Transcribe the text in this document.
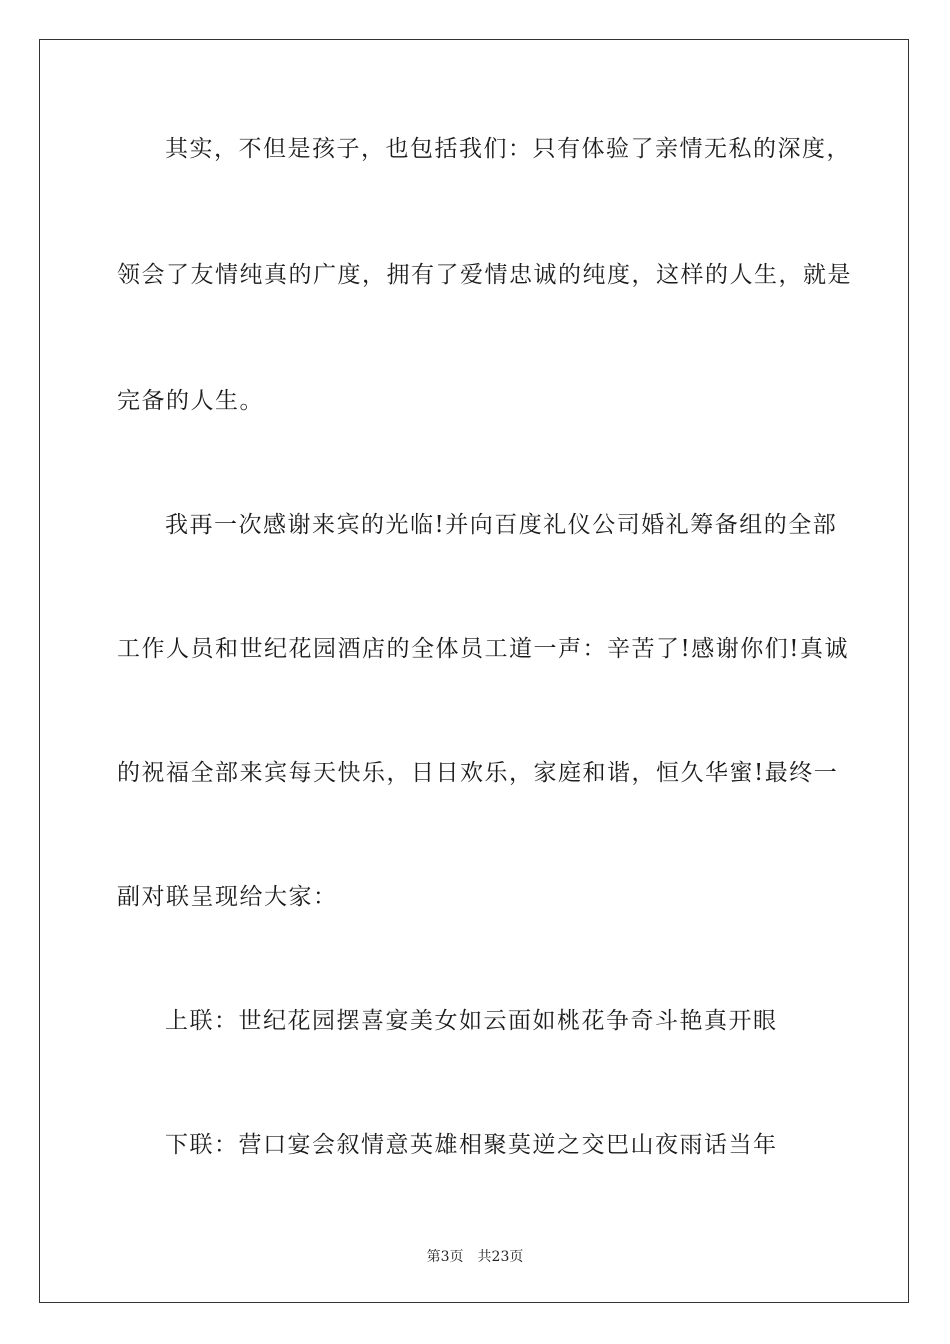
其实，不但是孩子，也包括我们：只有体验了亲情无私的深度，
领会了友情纯真的广度，拥有了爱情忠诚的纯度，这样的人生，就是
完备的人生。
我再一次感谢来宾的光临!并向百度礼仪公司婚礼筹备组的全部
工作人员和世纪花园酒店的全体员工道一声：辛苦了!感谢你们!真诚
的祝福全部来宾每天快乐，日日欢乐，家庭和谐，恒久华蜜!最终一
副对联呈现给大家：
上联：世纪花园摆喜宴美女如云面如桃花争奇斗艳真开眼
下联：营口宴会叙情意英雄相聚莫逆之交巴山夜雨话当年
第3页 共23页
